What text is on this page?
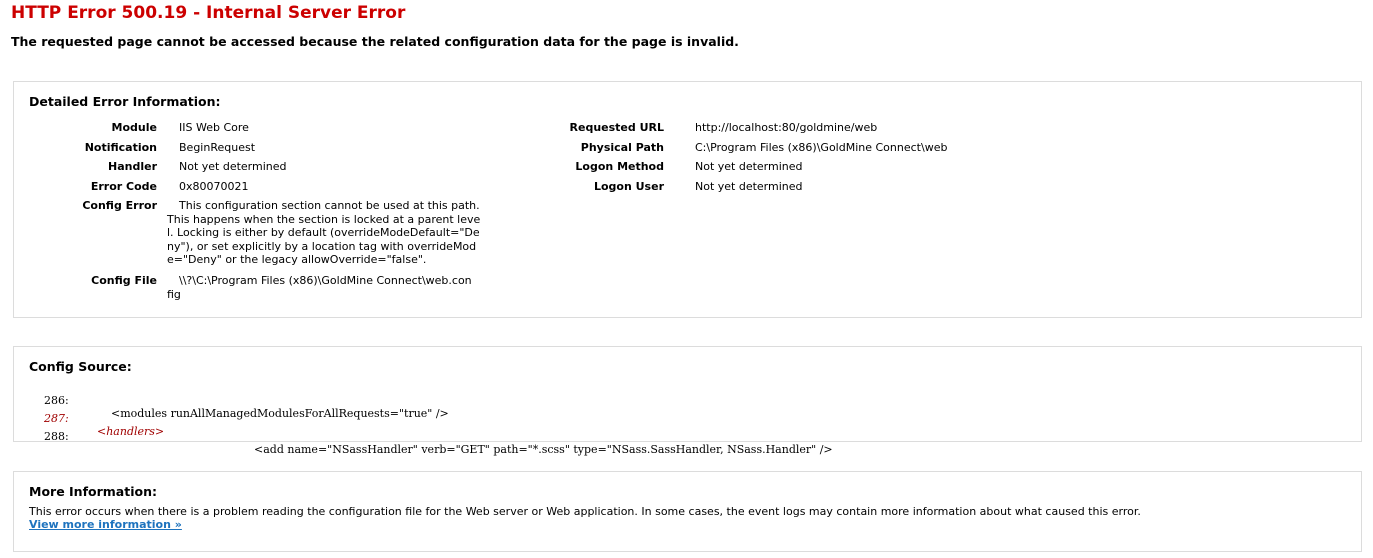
HTTP Error 500.19 - Internal Server Error
The requested page cannot be accessed because the related configuration data for the page is invalid.
Detailed Error Information:
Module IIS Web Core
Notification BeginRequest
Handler Not yet determined
Error Code 0x80070021
Config Error	This configuration section cannot be used at this path.
This happens when the section is locked at a parent leve
l. Locking is either by default (overrideModeDefault="De
ny"), or set explicitly by a location tag with overrideMod
e="Deny" or the legacy allowOverride="false".
Config File	\\?\C:\Program Files (x86)\GoldMine Connect\web.con
fig
Requested URL	http://localhost:80/goldmine/web
Physical Path	C:\Program Files (x86)\GoldMine Connect\web
Logon Method	Not yet determined
Logon User	Not yet determined
Config Source:

286:

<modules runAllManagedModulesForAllRequests="true" />

287:

<handlers>

288:

<add name="NSassHandler" verb="GET" path="*.scss" type="NSass.SassHandler, NSass.Handler" />

More Information:
This error occurs when there is a problem reading the configuration file for the Web server or Web application. In some cases, the event logs may contain more information about what caused this error.
View more information »
